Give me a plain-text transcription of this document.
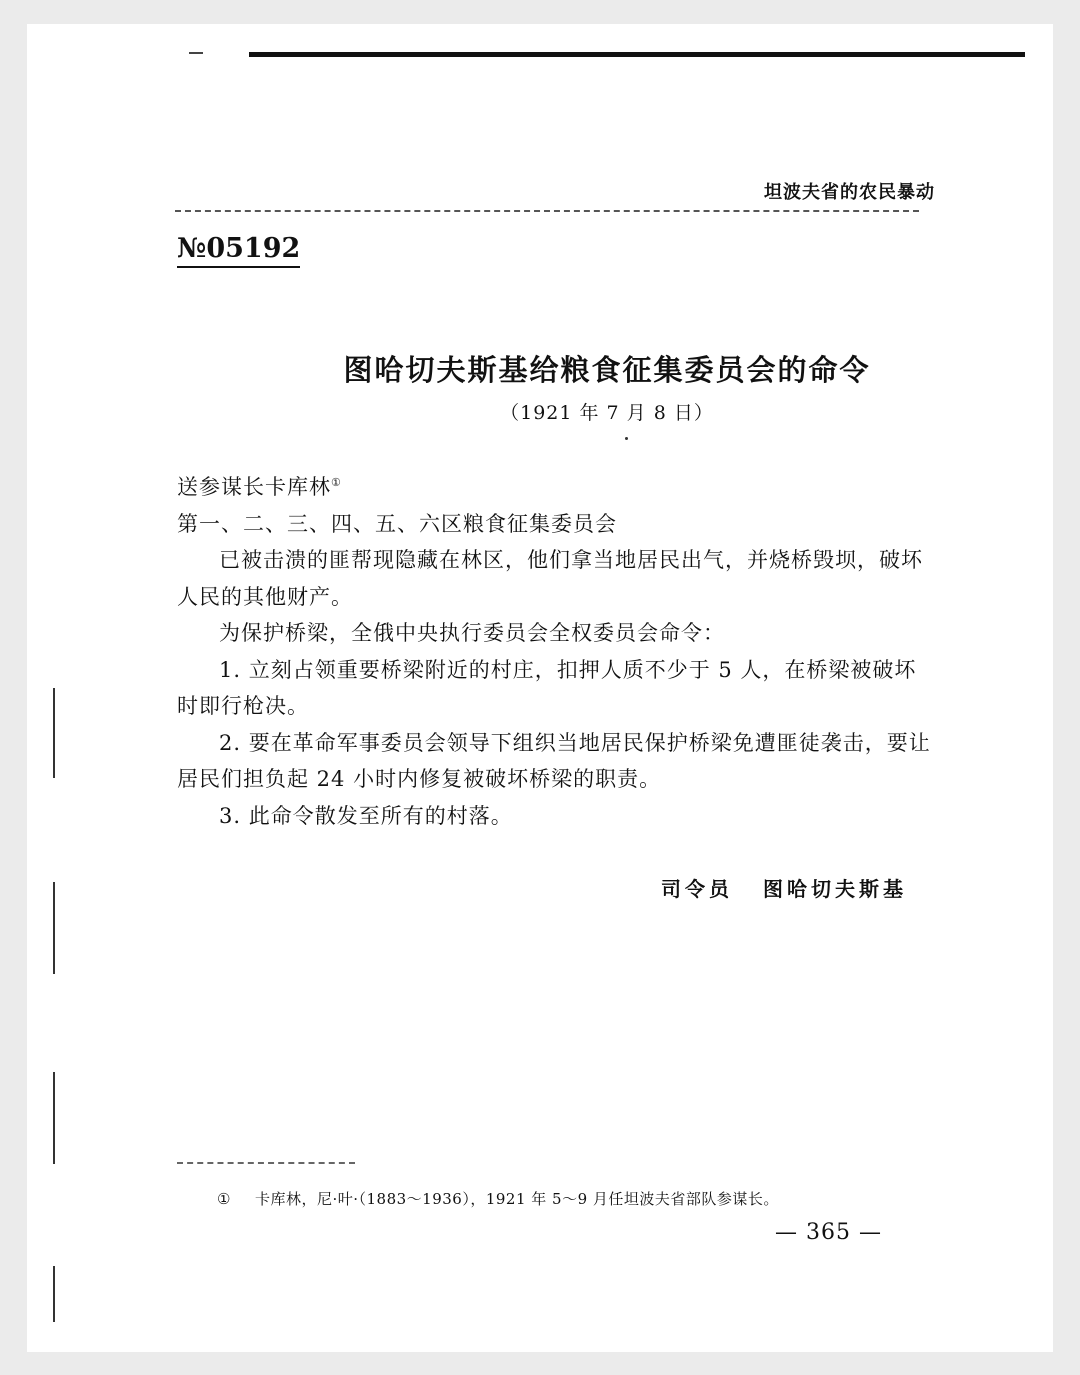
坦波夫省的农民暴动
№05192
图哈切夫斯基给粮食征集委员会的命令
（1921 年 7 月 8 日）

送参谋长卡库林①

第一、二、三、四、五、六区粮食征集委员会

已被击溃的匪帮现隐藏在林区，他们拿当地居民出气，并烧桥毁坝，破坏人民的其他财产。

为保护桥梁，全俄中央执行委员会全权委员会命令：

1. 立刻占领重要桥梁附近的村庄，扣押人质不少于 5 人，在桥梁被破坏时即行枪决。

2. 要在革命军事委员会领导下组织当地居民保护桥梁免遭匪徒袭击，要让居民们担负起 24 小时内修复被破坏桥梁的职责。

3. 此命令散发至所有的村落。

司令员 图哈切夫斯基
① 卡库林，尼·叶·（1883～1936），1921 年 5～9 月任坦波夫省部队参谋长。
— 365 —
